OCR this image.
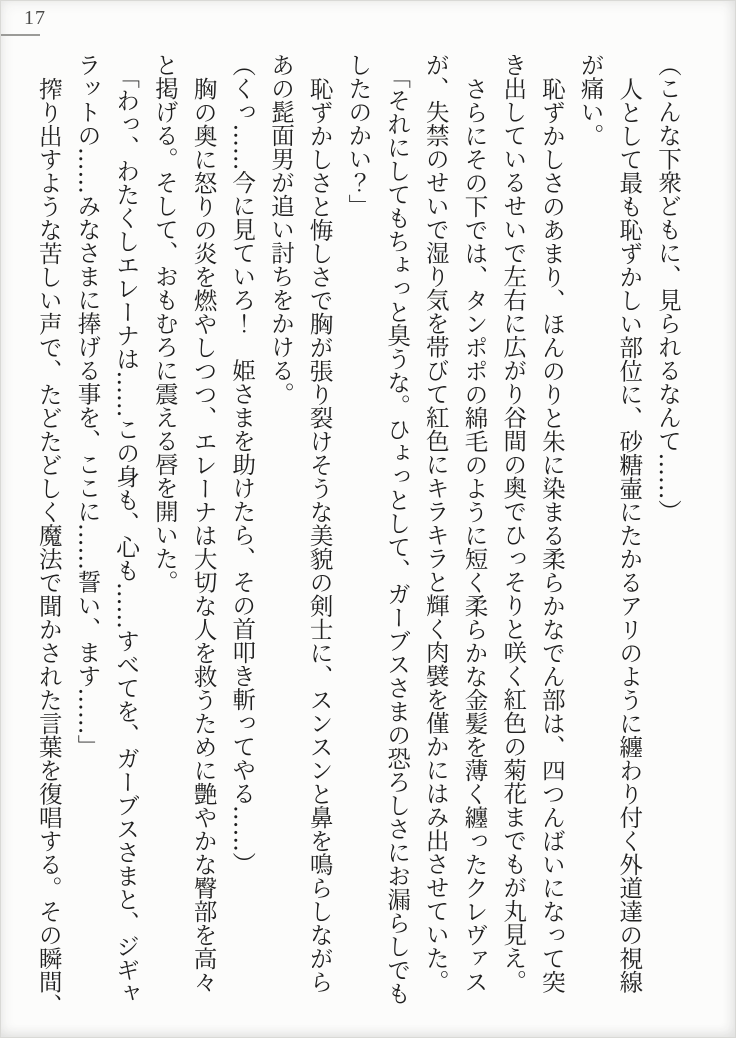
17

（こんな下衆どもに、見られるなんて……）

人として最も恥ずかしい部位に、砂糖壷にたかるアリのように纏わり付く外道達の視線

が痛い。

恥ずかしさのあまり、ほんのりと朱に染まる柔らかなでん部は、四つんばいになって突

き出しているせいで左右に広がり谷間の奥でひっそりと咲く紅色の菊花までもが丸見え。

さらにその下では、タンポポの綿毛のように短く柔らかな金髪を薄く纏ったクレヴァス

が、失禁のせいで湿り気を帯びて紅色にキラキラと輝く肉襞を僅かにはみ出させていた。

「それにしてもちょっと臭うな。ひょっとして、ガーブスさまの恐ろしさにお漏らしでも

したのかい？」

恥ずかしさと悔しさで胸が張り裂けそうな美貌の剣士に、スンスンと鼻を鳴らしながら

あの髭面男が追い討ちをかける。

（くっ……今に見ていろ！　姫さまを助けたら、その首叩き斬ってやる……）

胸の奥に怒りの炎を燃やしつつ、エレーナは大切な人を救うために艶やかな臀部を高々

と掲げる。そして、おもむろに震える唇を開いた。

「わっ、わたくしエレーナは……この身も、心も……すべてを、ガーブスさまと、ジギャ

ラットの……みなさまに捧げる事を、ここに……誓い、ます……」

搾り出すような苦しい声で、たどたどしく魔法で聞かされた言葉を復唱する。その瞬間、
